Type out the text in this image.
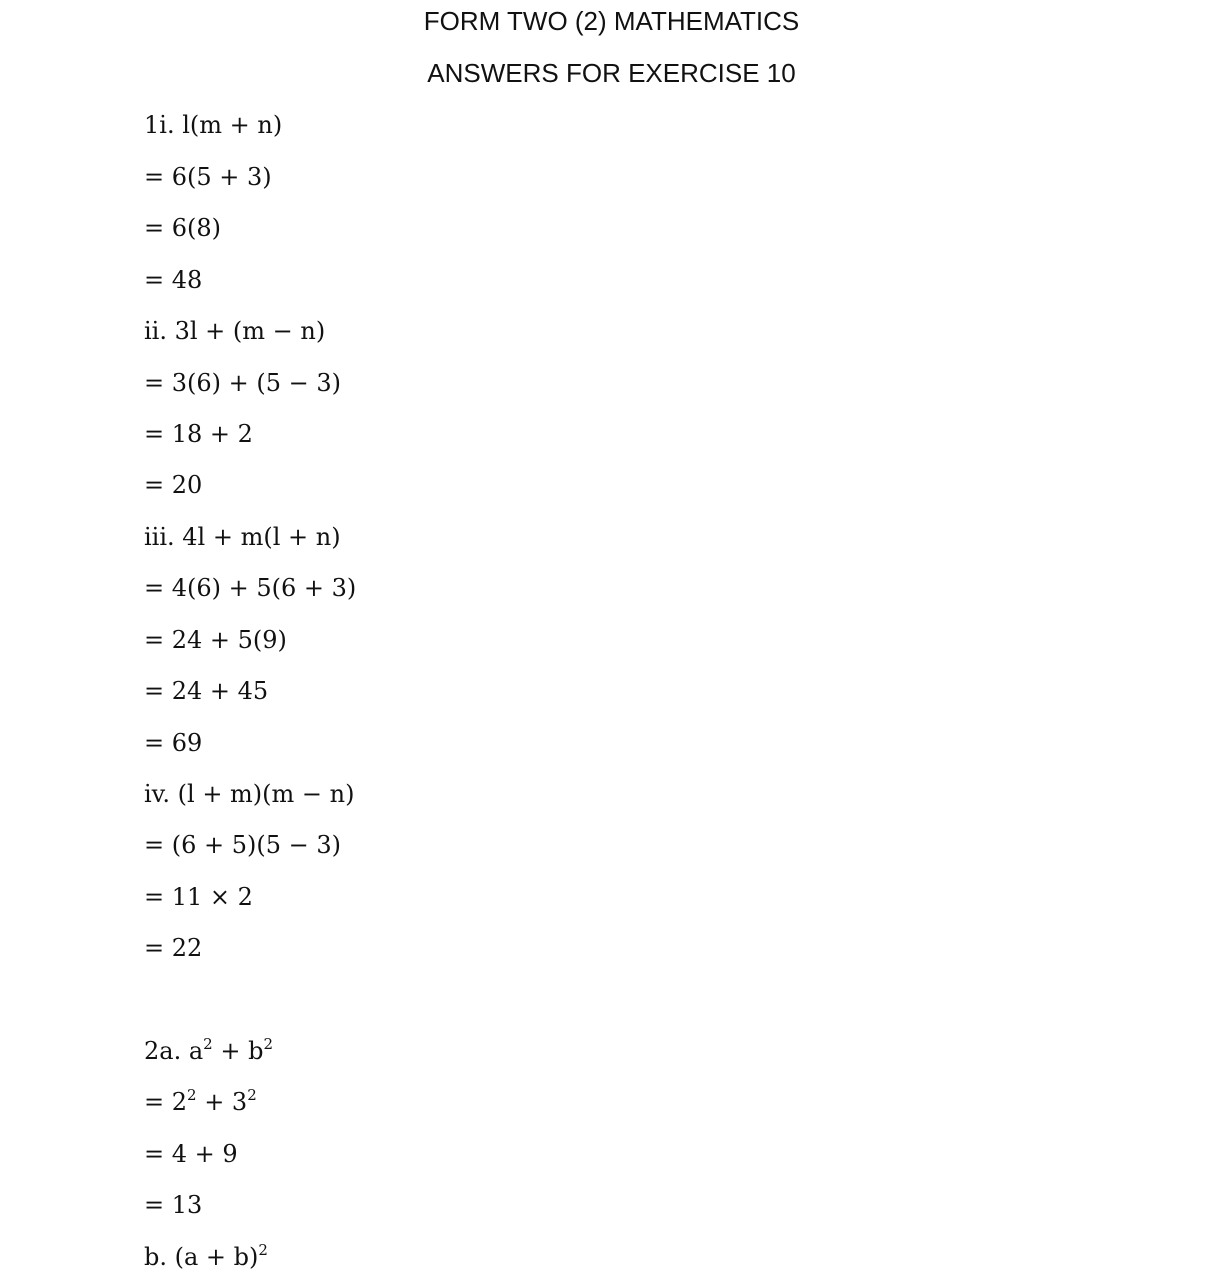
FORM TWO (2) MATHEMATICS
ANSWERS FOR EXERCISE 10
1i. l(m + n)
= 6(5 + 3)
= 6(8)
= 48
ii. 3l + (m − n)
= 3(6) + (5 − 3)
= 18 + 2
= 20
iii. 4l + m(l + n)
= 4(6) + 5(6 + 3)
= 24 + 5(9)
= 24 + 45
= 69
iv. (l + m)(m − n)
= (6 + 5)(5 − 3)
= 11 × 2
= 22
2a. $a^2 + b^2$
= $2^2 + 3^2$
= 4 + 9
= 13
b. $(a + b)^2$
